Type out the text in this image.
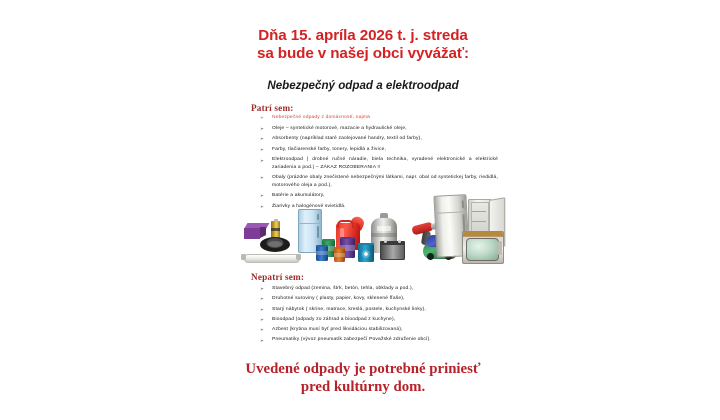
Dňa 15. apríla 2026 t. j. streda
sa bude v našej obci vyvážať:
Nebezpečný odpad a elektroodpad
Patrí sem:
➢ Nebezpečné odpady z domácností, najmä
➢ Oleje – syntetické motorové, mazacie a hydraulické oleje,
➢ Absorbenty (napríklad staré zaolejované handry, textil od farby),
➢ Farby, tlačiarenské farby, tonery, lepidlá a živice,
➢ Elektroodpad ( drobné ručné náradie, biela technika, vyradené elektronické a elektrické zariadenia a pod.) – ZÁKAZ ROZOBERANIA !!
➢ Obaly (prázdne obaly znečistené nebezpečnými látkami, napr. obal od syntetickej farby, riedidlá, motorového oleja a pod.),
➢ Batérie a akumulátory,
➢ Žiarivky a halogénové svietidlá.
Nepatrí sem:
➢ Stavebný odpad (zemina, štrk, betón, tehla, obklady a pod.),
➢ Druhotné suroviny ( plasty, papier, kovy, sklenené fľaše),
➢ Starý nábytok ( skrine, matrace, kreslá, postele, kuchynské linky),
➢ Bioodpad (odpady zo záhrad a bioodpad z kuchyne),
➢ Azbest (krytina musí byť pred likvidáciou stabilizovaná),
➢ Pneumatiky (vývoz pneumatík zabezpečí Považské združenie obcí).
Uvedené odpady je potrebné priniesť
pred kultúrny dom.
